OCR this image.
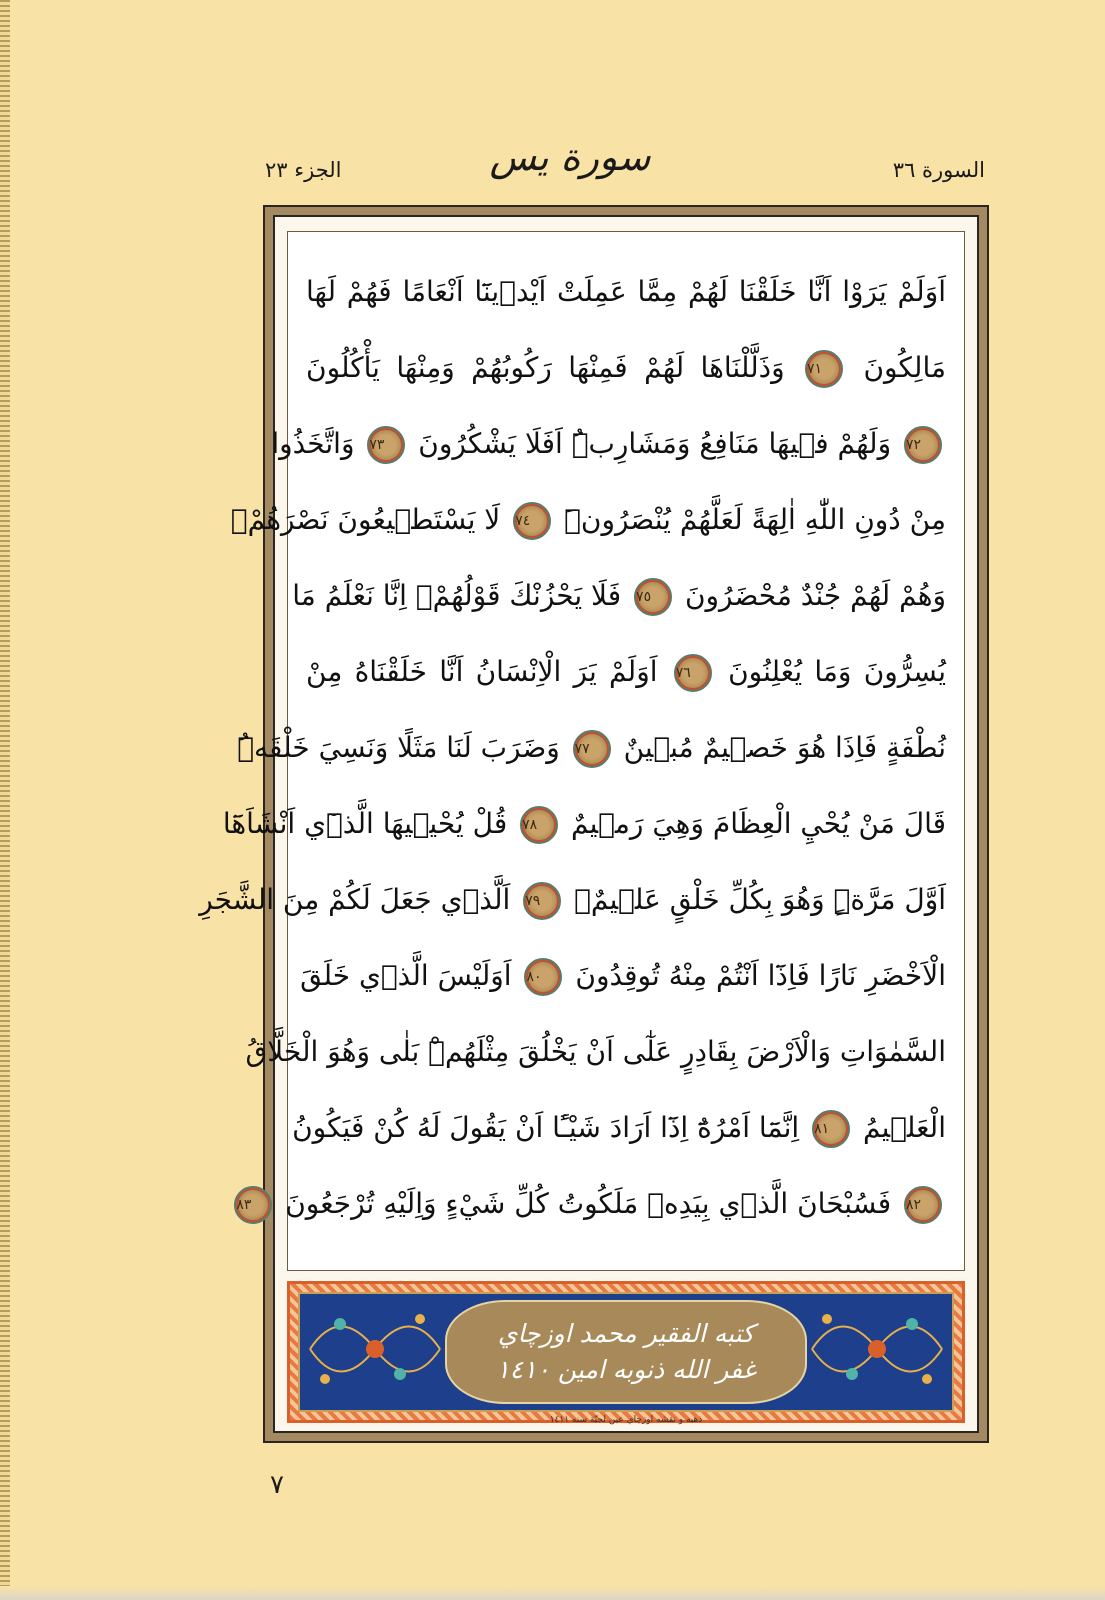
الجزء ٢٣	سورة يس	السورة ٣٦
اَوَلَمْ يَرَوْا اَنَّا خَلَقْنَا لَهُمْ مِمَّا عَمِلَتْ اَيْد۪ينَٓا اَنْعَامًا فَهُمْ لَهَا
مَالِكُونَ ٧١ وَذَلَّلْنَاهَا لَهُمْ فَمِنْهَا رَكُوبُهُمْ وَمِنْهَا يَأْكُلُونَ
٧٢ وَلَهُمْ ف۪يهَا مَنَافِعُ وَمَشَارِبُۜ اَفَلَا يَشْكُرُونَ ٧٣ وَاتَّخَذُوا
مِنْ دُونِ اللّٰهِ اٰلِهَةً لَعَلَّهُمْ يُنْصَرُونَۜ ٧٤ لَا يَسْتَط۪يعُونَ نَصْرَهُمْۙ
وَهُمْ لَهُمْ جُنْدٌ مُحْضَرُونَ ٧٥ فَلَا يَحْزُنْكَ قَوْلُهُمْۢ اِنَّا نَعْلَمُ مَا
يُسِرُّونَ وَمَا يُعْلِنُونَ ٧٦ اَوَلَمْ يَرَ الْاِنْسَانُ اَنَّا خَلَقْنَاهُ مِنْ
نُطْفَةٍ فَاِذَا هُوَ خَص۪يمٌ مُب۪ينٌ ٧٧ وَضَرَبَ لَنَا مَثَلًا وَنَسِيَ خَلْقَهُۜ
قَالَ مَنْ يُحْيِ الْعِظَامَ وَهِيَ رَم۪يمٌ ٧٨ قُلْ يُحْي۪يهَا الَّذ۪ٓي اَنْشَاَهَٓا
اَوَّلَ مَرَّةٍۜ وَهُوَ بِكُلِّ خَلْقٍ عَل۪يمٌۙ ٧٩ اَلَّذ۪ي جَعَلَ لَكُمْ مِنَ الشَّجَرِ
الْاَخْضَرِ نَارًا فَاِذَٓا اَنْتُمْ مِنْهُ تُوقِدُونَ ٨٠ اَوَلَيْسَ الَّذ۪ي خَلَقَ
السَّمٰوَاتِ وَالْاَرْضَ بِقَادِرٍ عَلٰٓى اَنْ يَخْلُقَ مِثْلَهُمْۜ بَلٰى وَهُوَ الْخَلَّاقُ
الْعَل۪يمُ ٨١ اِنَّمَٓا اَمْرُهُٓ اِذَٓا اَرَادَ شَيْـًٔا اَنْ يَقُولَ لَهُ كُنْ فَيَكُونُ
٨٢ فَسُبْحَانَ الَّذ۪ي بِيَدِه۪ مَلَكُوتُ كُلِّ شَيْءٍ وَاِلَيْهِ تُرْجَعُونَ ٨٣
كتبه الفقير محمد اوزچاي
غفر الله ذنوبه امين ١٤١٠
ذهبه و نقشه اوزچاي عين لجبّة سنه ١٤١١
٧
